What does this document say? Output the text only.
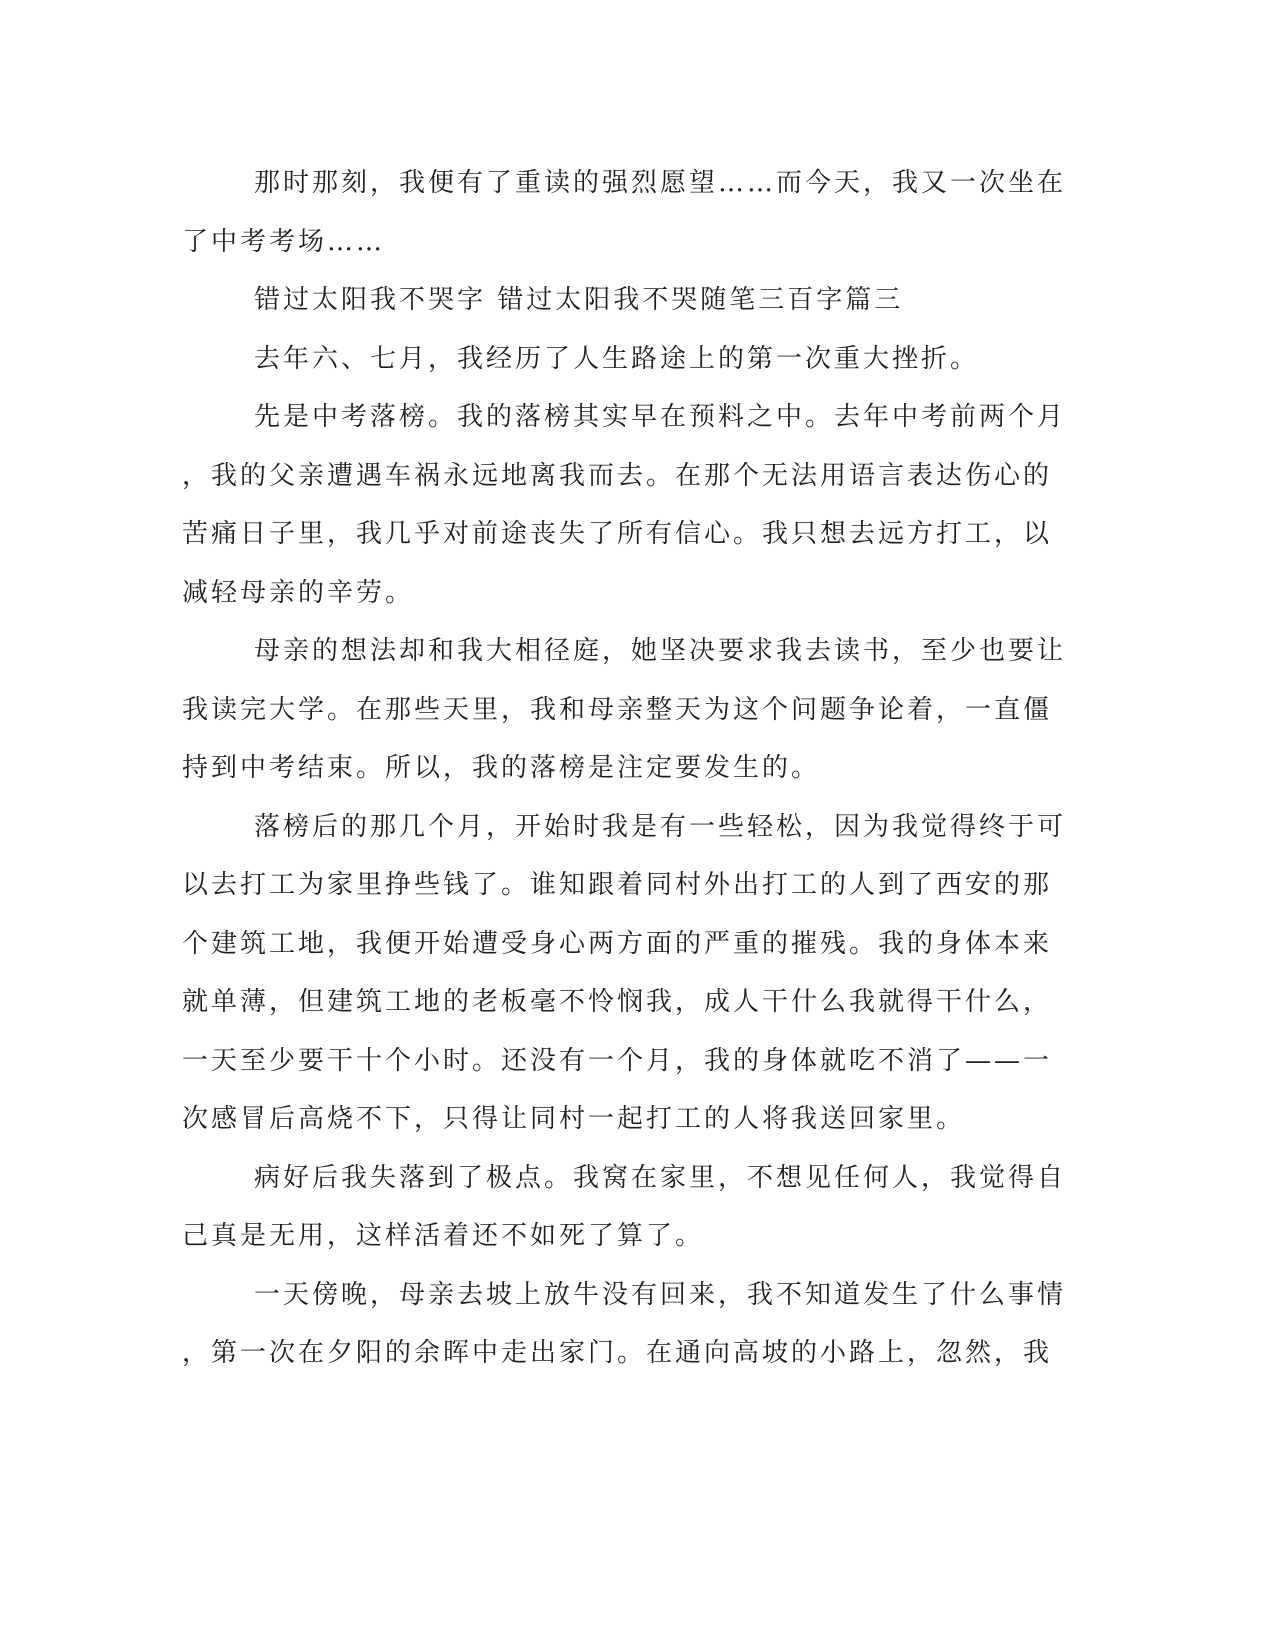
那时那刻，我便有了重读的强烈愿望……而今天，我又一次坐在
了中考考场……
错过太阳我不哭字 错过太阳我不哭随笔三百字篇三
去年六、七月，我经历了人生路途上的第一次重大挫折。
先是中考落榜。我的落榜其实早在预料之中。去年中考前两个月
，我的父亲遭遇车祸永远地离我而去。在那个无法用语言表达伤心的
苦痛日子里，我几乎对前途丧失了所有信心。我只想去远方打工，以
减轻母亲的辛劳。
母亲的想法却和我大相径庭，她坚决要求我去读书，至少也要让
我读完大学。在那些天里，我和母亲整天为这个问题争论着，一直僵
持到中考结束。所以，我的落榜是注定要发生的。
落榜后的那几个月，开始时我是有一些轻松，因为我觉得终于可
以去打工为家里挣些钱了。谁知跟着同村外出打工的人到了西安的那
个建筑工地，我便开始遭受身心两方面的严重的摧残。我的身体本来
就单薄，但建筑工地的老板毫不怜悯我，成人干什么我就得干什么，
一天至少要干十个小时。还没有一个月，我的身体就吃不消了——一
次感冒后高烧不下，只得让同村一起打工的人将我送回家里。
病好后我失落到了极点。我窝在家里，不想见任何人，我觉得自
己真是无用，这样活着还不如死了算了。
一天傍晚，母亲去坡上放牛没有回来，我不知道发生了什么事情
，第一次在夕阳的余晖中走出家门。在通向高坡的小路上，忽然，我
